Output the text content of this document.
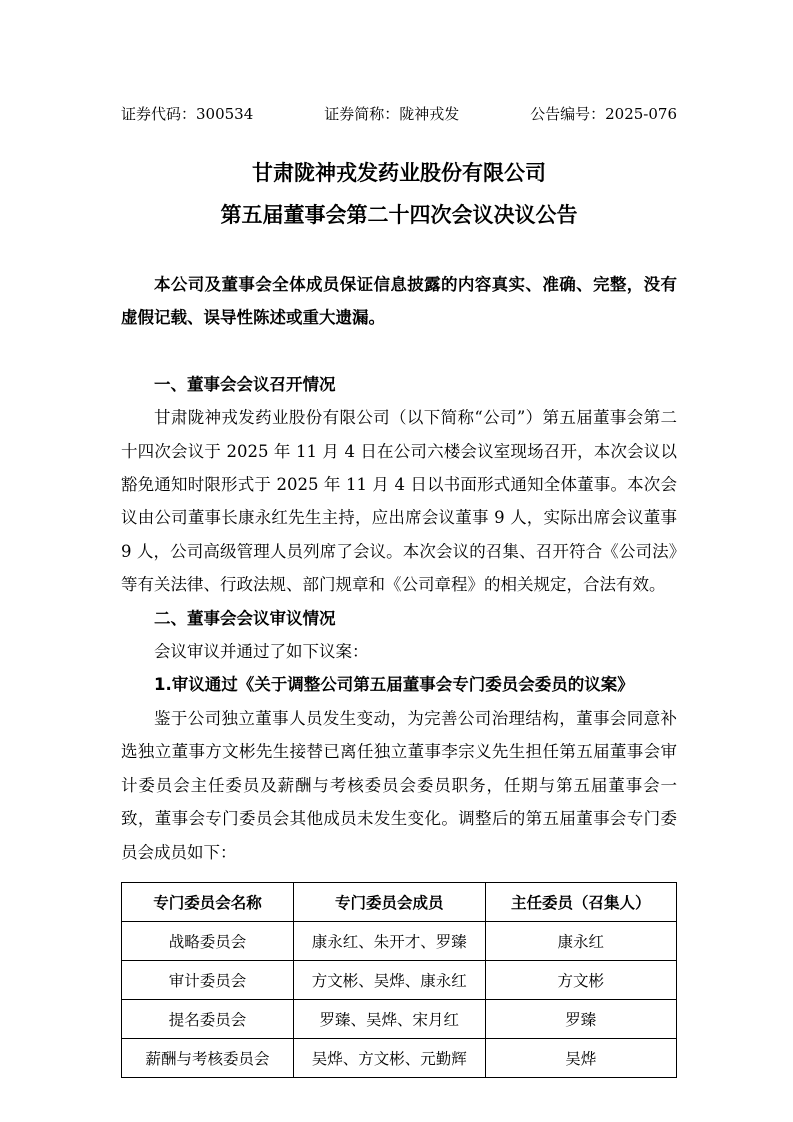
证券代码：300534	证券简称：陇神戎发	公告编号：2025-076
甘肃陇神戎发药业股份有限公司
第五届董事会第二十四次会议决议公告

本公司及董事会全体成员保证信息披露的内容真实、准确、完整，没有虚假记载、误导性陈述或重大遗漏。

一、董事会会议召开情况

甘肃陇神戎发药业股份有限公司（以下简称“公司”）第五届董事会第二十四次会议于 2025 年 11 月 4 日在公司六楼会议室现场召开，本次会议以豁免通知时限形式于 2025 年 11 月 4 日以书面形式通知全体董事。本次会议由公司董事长康永红先生主持，应出席会议董事 9 人，实际出席会议董事 9 人，公司高级管理人员列席了会议。本次会议的召集、召开符合《公司法》等有关法律、行政法规、部门规章和《公司章程》的相关规定，合法有效。

二、董事会会议审议情况

会议审议并通过了如下议案：

1.审议通过《关于调整公司第五届董事会专门委员会委员的议案》

鉴于公司独立董事人员发生变动，为完善公司治理结构，董事会同意补选独立董事方文彬先生接替已离任独立董事李宗义先生担任第五届董事会审计委员会主任委员及薪酬与考核委员会委员职务，任期与第五届董事会一致，董事会专门委员会其他成员未发生变化。调整后的第五届董事会专门委员会成员如下：

专门委员会名称	专门委员会成员	主任委员（召集人）
战略委员会	康永红、朱开才、罗臻	康永红
审计委员会	方文彬、吴烨、康永红	方文彬
提名委员会	罗臻、吴烨、宋月红	罗臻
薪酬与考核委员会	吴烨、方文彬、元勤辉	吴烨
